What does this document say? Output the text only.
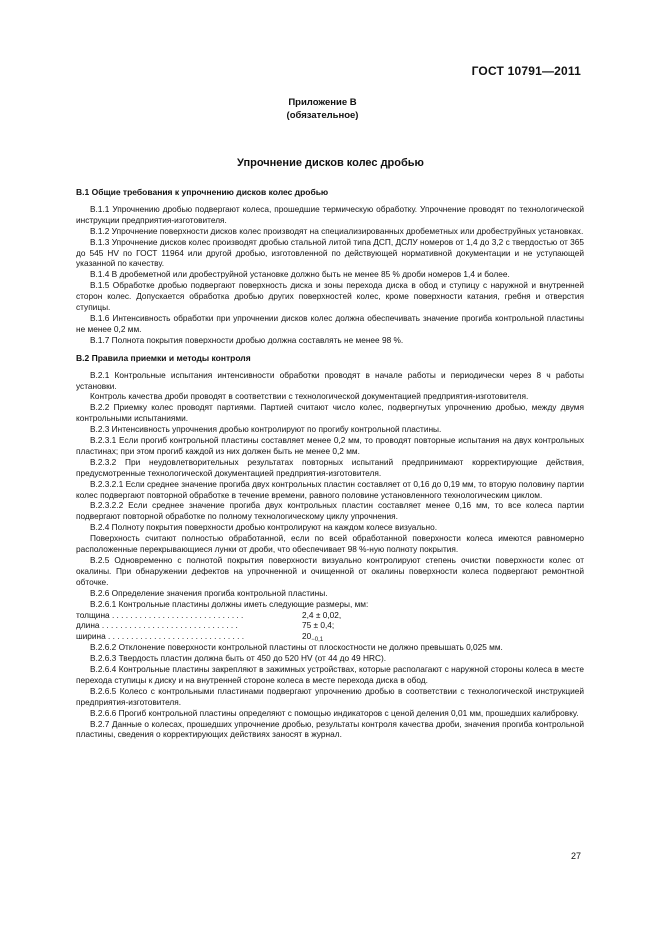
ГОСТ 10791—2011
Приложение В
(обязательное)
Упрочнение дисков колес дробью
В.1 Общие требования к упрочнению дисков колес дробью

В.1.1 Упрочнению дробью подвергают колеса, прошедшие термическую обработку. Упрочнение проводят по технологической инструкции предприятия-изготовителя.

В.1.2 Упрочнение поверхности дисков колес производят на специализированных дробеметных или дробеструйных установках.

В.1.3 Упрочнение дисков колес производят дробью стальной литой типа ДСП, ДСЛУ номеров от 1,4 до 3,2 с твердостью от 365 до 545 HV по ГОСТ 11964 или другой дробью, изготовленной по действующей нормативной документации и не уступающей указанной по качеству.

В.1.4 В дробеметной или дробеструйной установке должно быть не менее 85 % дроби номеров 1,4 и более.

В.1.5 Обработке дробью подвергают поверхность диска и зоны перехода диска в обод и ступицу с наружной и внутренней сторон колес. Допускается обработка дробью других поверхностей колес, кроме поверхности катания, гребня и отверстия ступицы.

В.1.6 Интенсивность обработки при упрочнении дисков колес должна обеспечивать значение прогиба контрольной пластины не менее 0,2 мм.

В.1.7 Полнота покрытия поверхности дробью должна составлять не менее 98 %.

В.2 Правила приемки и методы контроля

В.2.1 Контрольные испытания интенсивности обработки проводят в начале работы и периодически через 8 ч работы установки.

Контроль качества дроби проводят в соответствии с технологической документацией предприятия-изготовителя.

В.2.2 Приемку колес проводят партиями. Партией считают число колес, подвергнутых упрочнению дробью, между двумя контрольными испытаниями.

В.2.3 Интенсивность упрочнения дробью контролируют по прогибу контрольной пластины.

В.2.3.1 Если прогиб контрольной пластины составляет менее 0,2 мм, то проводят повторные испытания на двух контрольных пластинах; при этом прогиб каждой из них должен быть не менее 0,2 мм.

В.2.3.2 При неудовлетворительных результатах повторных испытаний предпринимают корректирующие действия, предусмотренные технологической документацией предприятия-изготовителя.

В.2.3.2.1 Если среднее значение прогиба двух контрольных пластин составляет от 0,16 до 0,19 мм, то вторую половину партии колес подвергают повторной обработке в течение времени, равного половине установленного технологическим циклом.

В.2.3.2.2 Если среднее значение прогиба двух контрольных пластин составляет менее 0,16 мм, то все колеса партии подвергают повторной обработке по полному технологическому циклу упрочнения.

В.2.4 Полноту покрытия поверхности дробью контролируют на каждом колесе визуально.

Поверхность считают полностью обработанной, если по всей обработанной поверхности колеса имеются равномерно расположенные перекрывающиеся лунки от дроби, что обеспечивает 98 %-ную полноту покрытия.

В.2.5 Одновременно с полнотой покрытия поверхности визуально контролируют степень очистки поверхности колес от окалины. При обнаружении дефектов на упрочненной и очищенной от окалины поверхности колеса подвергают ремонтной обточке.

В.2.6 Определение значения прогиба контрольной пластины.

В.2.6.1 Контрольные пластины должны иметь следующие размеры, мм:

толщина . . . . . . . . . . . . . . . . . . . . . . . . . . . . .	2,4 ± 0,02,
длина . . . . . . . . . . . . . . . . . . . . . . . . . . . . . .	75 ± 0,4;
ширина . . . . . . . . . . . . . . . . . . . . . . . . . . . . . .	$20_{-0,1}$

В.2.6.2 Отклонение поверхности контрольной пластины от плоскостности не должно превышать 0,025 мм.

В.2.6.3 Твердость пластин должна быть от 450 до 520 HV (от 44 до 49 HRC).

В.2.6.4 Контрольные пластины закрепляют в зажимных устройствах, которые располагают с наружной стороны колеса в месте перехода ступицы к диску и на внутренней стороне колеса в месте перехода диска в обод.

В.2.6.5 Колесо с контрольными пластинами подвергают упрочнению дробью в соответствии с технологической инструкцией предприятия-изготовителя.

В.2.6.6 Прогиб контрольной пластины определяют с помощью индикаторов с ценой деления 0,01 мм, прошедших калибровку.

В.2.7 Данные о колесах, прошедших упрочнение дробью, результаты контроля качества дроби, значения прогиба контрольной пластины, сведения о корректирующих действиях заносят в журнал.

27
